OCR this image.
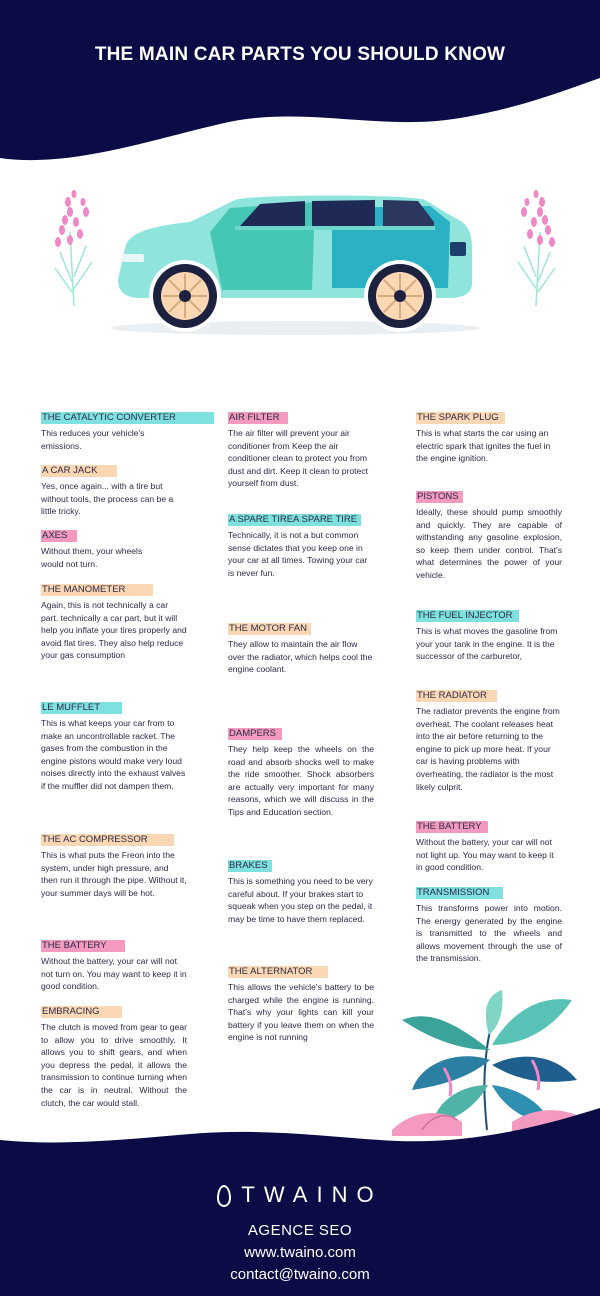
THE MAIN CAR PARTS YOU SHOULD KNOW
THE CATALYTIC CONVERTER

This reduces your vehicle's emissions.

A CAR JACK

Yes, once again... with a tire but without tools, the process can be a little tricky.

AXES

Without them, your wheels would not turn.

THE MANOMETER

Again, this is not technically a car part. technically a car part, but it will help you inflate your tires properly and avoid flat tires. They also help reduce your gas consumption

LE MUFFLET

This is what keeps your car from to make an uncontrollable racket. The gases from the combustion in the engine pistons would make very loud noises directly into the exhaust valves if the muffler did not dampen them.

THE AC COMPRESSOR

This is what puts the Freon into the system, under high pressure, and then run it through the pipe. Without it, your summer days will be hot.

THE BATTERY

Without the battery, your car will not not turn on. You may want to keep it in good condition.

EMBRACING

The clutch is moved from gear to gear to allow you to drive smoothly. It allows you to shift gears, and when you depress the pedal, it allows the transmission to continue turning when the car is in neutral. Without the clutch, the car would stall.

AIR FILTER

The air filter will prevent your air conditioner from Keep the air conditioner clean to protect you from dust and dirt. Keep it clean to protect yourself from dust.

A SPARE TIREA SPARE TIRE

Technically, it is not a but common sense dictates that you keep one in your car at all times. Towing your car is never fun.

THE MOTOR FAN

They allow to maintain the air flow over the radiator, which helps cool the engine coolant.

DAMPERS

They help keep the wheels on the road and absorb shocks well to make the ride smoother. Shock absorbers are actually very important for many reasons, which we will discuss in the Tips and Education section.

BRAKES

This is something you need to be very careful about. If your brakes start to squeak when you step on the pedal, it may be time to have them replaced.

THE ALTERNATOR

This allows the vehicle's battery to be charged while the engine is running. That's why your lights can kill your battery if you leave them on when the engine is not running

THE SPARK PLUG

This is what starts the car using an electric spark that ignites the fuel in the engine ignition.

PISTONS

Ideally, these should pump smoothly and quickly. They are capable of withstanding any gasoline explosion, so keep them under control. That's what determines the power of your vehicle.

THE FUEL INJECTOR

This is what moves the gasoline from your your tank in the engine. It is the successor of the carburetor,

THE RADIATOR

The radiator prevents the engine from overheat. The coolant releases heat into the air before returning to the engine to pick up more heat. If your car is having problems with overheating, the radiator is the most likely culprit.

THE BATTERY

Without the battery, your car will not not light up. You may want to keep it in good condition.

TRANSMISSION

This transforms power into motion. The energy generated by the engine is transmitted to the wheels and allows movement through the use of the transmission.

TWAINO
AGENCE SEO
www.twaino.com
contact@twaino.com
